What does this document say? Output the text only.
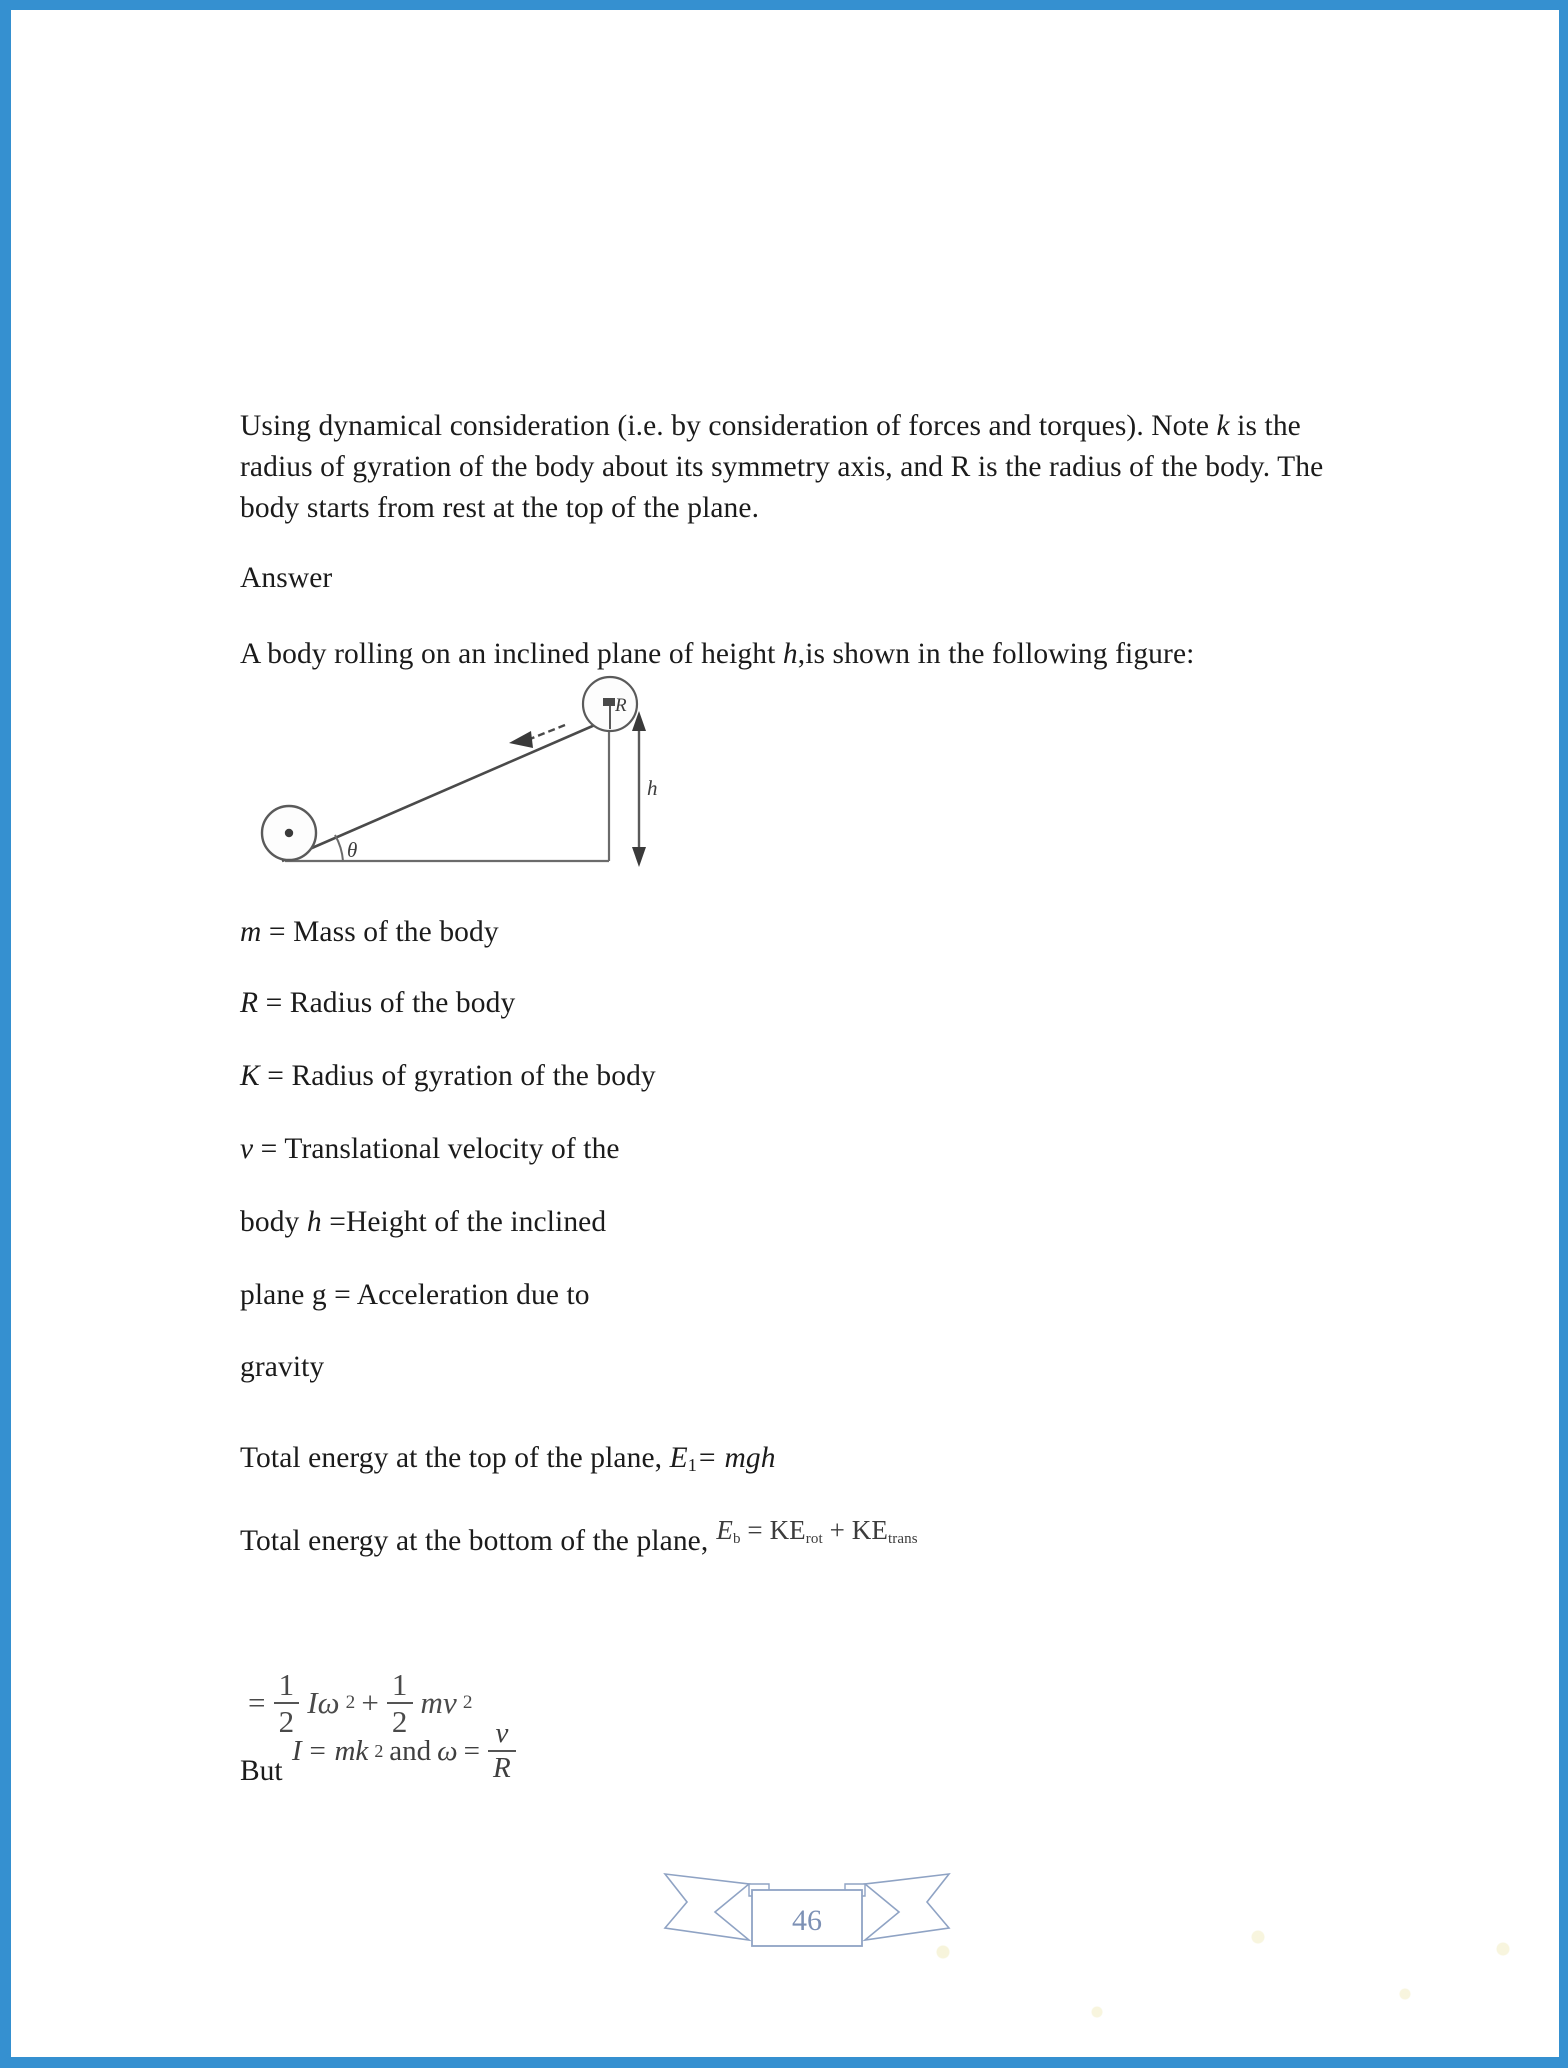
Using dynamical consideration (i.e. by consideration of forces and torques). Note k is the radius of gyration of the body about its symmetry axis, and R is the radius of the body. The body starts from rest at the top of the plane.
Answer
A body rolling on an inclined plane of height h,is shown in the following figure:
m = Mass of the body
R = Radius of the body
K = Radius of gyration of the body
v = Translational velocity of the
body h =Height of the inclined
plane g = Acceleration due to
gravity
Total energy at the top of the plane, $E_1=$ mgh
Total energy at the bottom of the plane, Eb = KErot + KEtrans

= $\frac{1}{2}$ Iω $2 + \frac{1}{2}$ mv 2

But
I = mk 2 and $\omega = \frac{v}{R}$
θ
R
h
46
